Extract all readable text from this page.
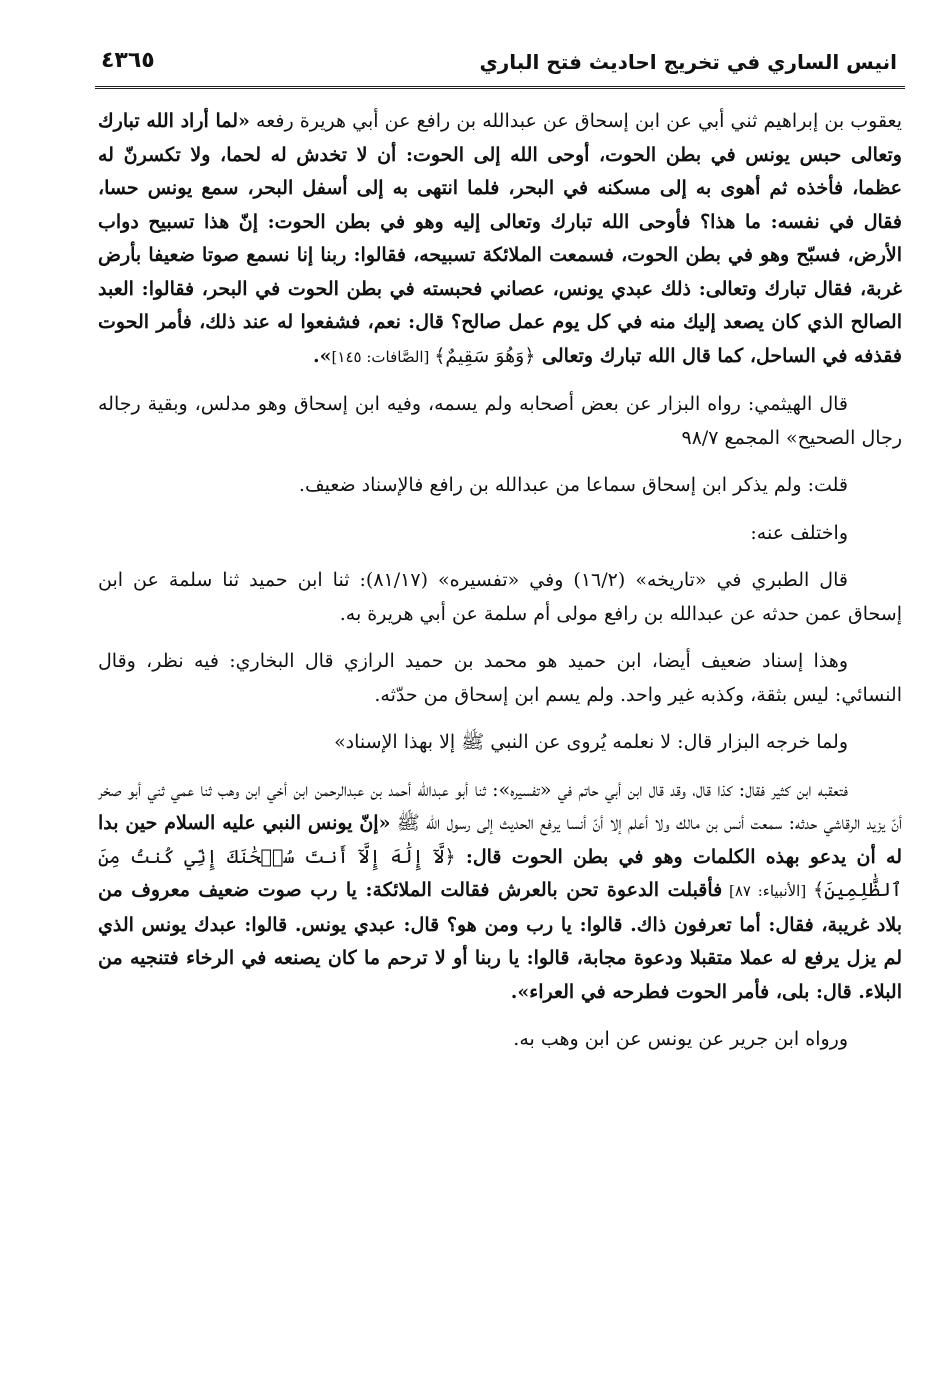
انيس الساري في تخريج احاديث فتح الباري
٤٣٦٥

يعقوب بن إبراهيم ثني أبي عن ابن إسحاق عن عبدالله بن رافع عن أبي هريرة رفعه «لما أراد الله تبارك وتعالى حبس يونس في بطن الحوت، أوحى الله إلى الحوت: أن لا تخدش له لحما، ولا تكسرنّ له عظما، فأخذه ثم أهوى به إلى مسكنه في البحر، فلما انتهى به إلى أسفل البحر، سمع يونس حسا، فقال في نفسه: ما هذا؟ فأوحى الله تبارك وتعالى إليه وهو في بطن الحوت: إنّ هذا تسبيح دواب الأرض، فسبّح وهو في بطن الحوت، فسمعت الملائكة تسبيحه، فقالوا: ربنا إنا نسمع صوتا ضعيفا بأرض غربة، فقال تبارك وتعالى: ذلك عبدي يونس، عصاني فحبسته في بطن الحوت في البحر، فقالوا: العبد الصالح الذي كان يصعد إليك منه في كل يوم عمل صالح؟ قال: نعم، فشفعوا له عند ذلك، فأمر الحوت فقذفه في الساحل، كما قال الله تبارك وتعالى ﴿وَهُوَ سَقِيمٌ﴾ [الصَّافات: ١٤٥]».

قال الهيثمي: رواه البزار عن بعض أصحابه ولم يسمه، وفيه ابن إسحاق وهو مدلس، وبقية رجاله رجال الصحيح» المجمع ٩٨/٧

قلت: ولم يذكر ابن إسحاق سماعا من عبدالله بن رافع فالإسناد ضعيف.

واختلف عنه:

قال الطبري في «تاريخه» (١٦/٢) وفي «تفسيره» (٨١/١٧): ثنا ابن حميد ثنا سلمة عن ابن إسحاق عمن حدثه عن عبدالله بن رافع مولى أم سلمة عن أبي هريرة به.

وهذا إسناد ضعيف أيضا، ابن حميد هو محمد بن حميد الرازي قال البخاري: فيه نظر، وقال النسائي: ليس بثقة، وكذبه غير واحد. ولم يسم ابن إسحاق من حدّثه.

ولما خرجه البزار قال: لا نعلمه يُروى عن النبي ﷺ إلا بهذا الإسناد»

فتعقبه ابن كثير فقال: كذا قال، وقد قال ابن أبي حاتم في «تفسيره»: ثنا أبو عبدالله أحمد بن عبدالرحمن ابن أخي ابن وهب ثنا عمي ثني أبو صخر أنّ يزيد الرقاشي حدثه: سمعت أنس بن مالك ولا أعلم إلا أنّ أنسا يرفع الحديث إلى رسول الله ﷺ «إنّ يونس النبي عليه السلام حين بدا له أن يدعو بهذه الكلمات وهو في بطن الحوت قال: ﴿لَّآ إِلَٰهَ إِلَّآ أَنتَ سُبۡحَٰنَكَ إِنِّي كُنتُ مِنَ ٱلظَّٰلِمِينَ﴾ [الأنبياء: ٨٧] فأقبلت الدعوة تحن بالعرش فقالت الملائكة: يا رب صوت ضعيف معروف من بلاد غريبة، فقال: أما تعرفون ذاك. قالوا: يا رب ومن هو؟ قال: عبدي يونس. قالوا: عبدك يونس الذي لم يزل يرفع له عملا متقبلا ودعوة مجابة، قالوا: يا ربنا أو لا ترحم ما كان يصنعه في الرخاء فتنجيه من البلاء. قال: بلى، فأمر الحوت فطرحه في العراء».

ورواه ابن جرير عن يونس عن ابن وهب به.
